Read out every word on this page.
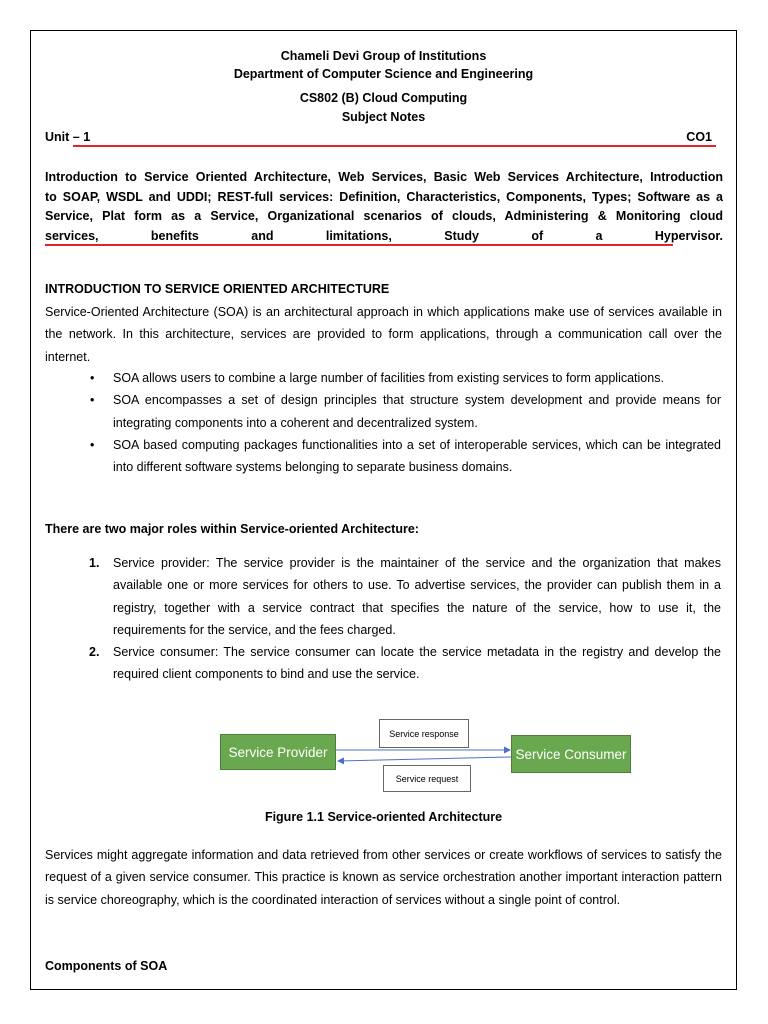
Chameli Devi Group of Institutions
Department of Computer Science and Engineering
CS802 (B) Cloud Computing
Subject Notes
Unit – 1	CO1
Introduction to Service Oriented Architecture, Web Services, Basic Web Services Architecture, Introduction
to SOAP, WSDL and UDDI; REST-full services: Definition, Characteristics, Components, Types; Software as a
Service, Plat form as a Service, Organizational scenarios of clouds, Administering & Monitoring cloud
services, benefits and limitations, Study of a Hypervisor.
INTRODUCTION TO SERVICE ORIENTED ARCHITECTURE
Service-Oriented Architecture (SOA) is an architectural approach in which applications make use of services available in the network. In this architecture, services are provided to form applications, through a communication call over the internet.
• SOA allows users to combine a large number of facilities from existing services to form applications.
• SOA encompasses a set of design principles that structure system development and provide means for integrating components into a coherent and decentralized system.
• SOA based computing packages functionalities into a set of interoperable services, which can be integrated into different software systems belonging to separate business domains.
There are two major roles within Service-oriented Architecture:
1. Service provider: The service provider is the maintainer of the service and the organization that makes available one or more services for others to use. To advertise services, the provider can publish them in a registry, together with a service contract that specifies the nature of the service, how to use it, the requirements for the service, and the fees charged.
2. Service consumer: The service consumer can locate the service metadata in the registry and develop the required client components to bind and use the service.
Service Provider	Service Consumer
Service response
Service request
Figure 1.1 Service-oriented Architecture
Services might aggregate information and data retrieved from other services or create workflows of services to satisfy the request of a given service consumer. This practice is known as service orchestration another important interaction pattern is service choreography, which is the coordinated interaction of services without a single point of control.
Components of SOA
